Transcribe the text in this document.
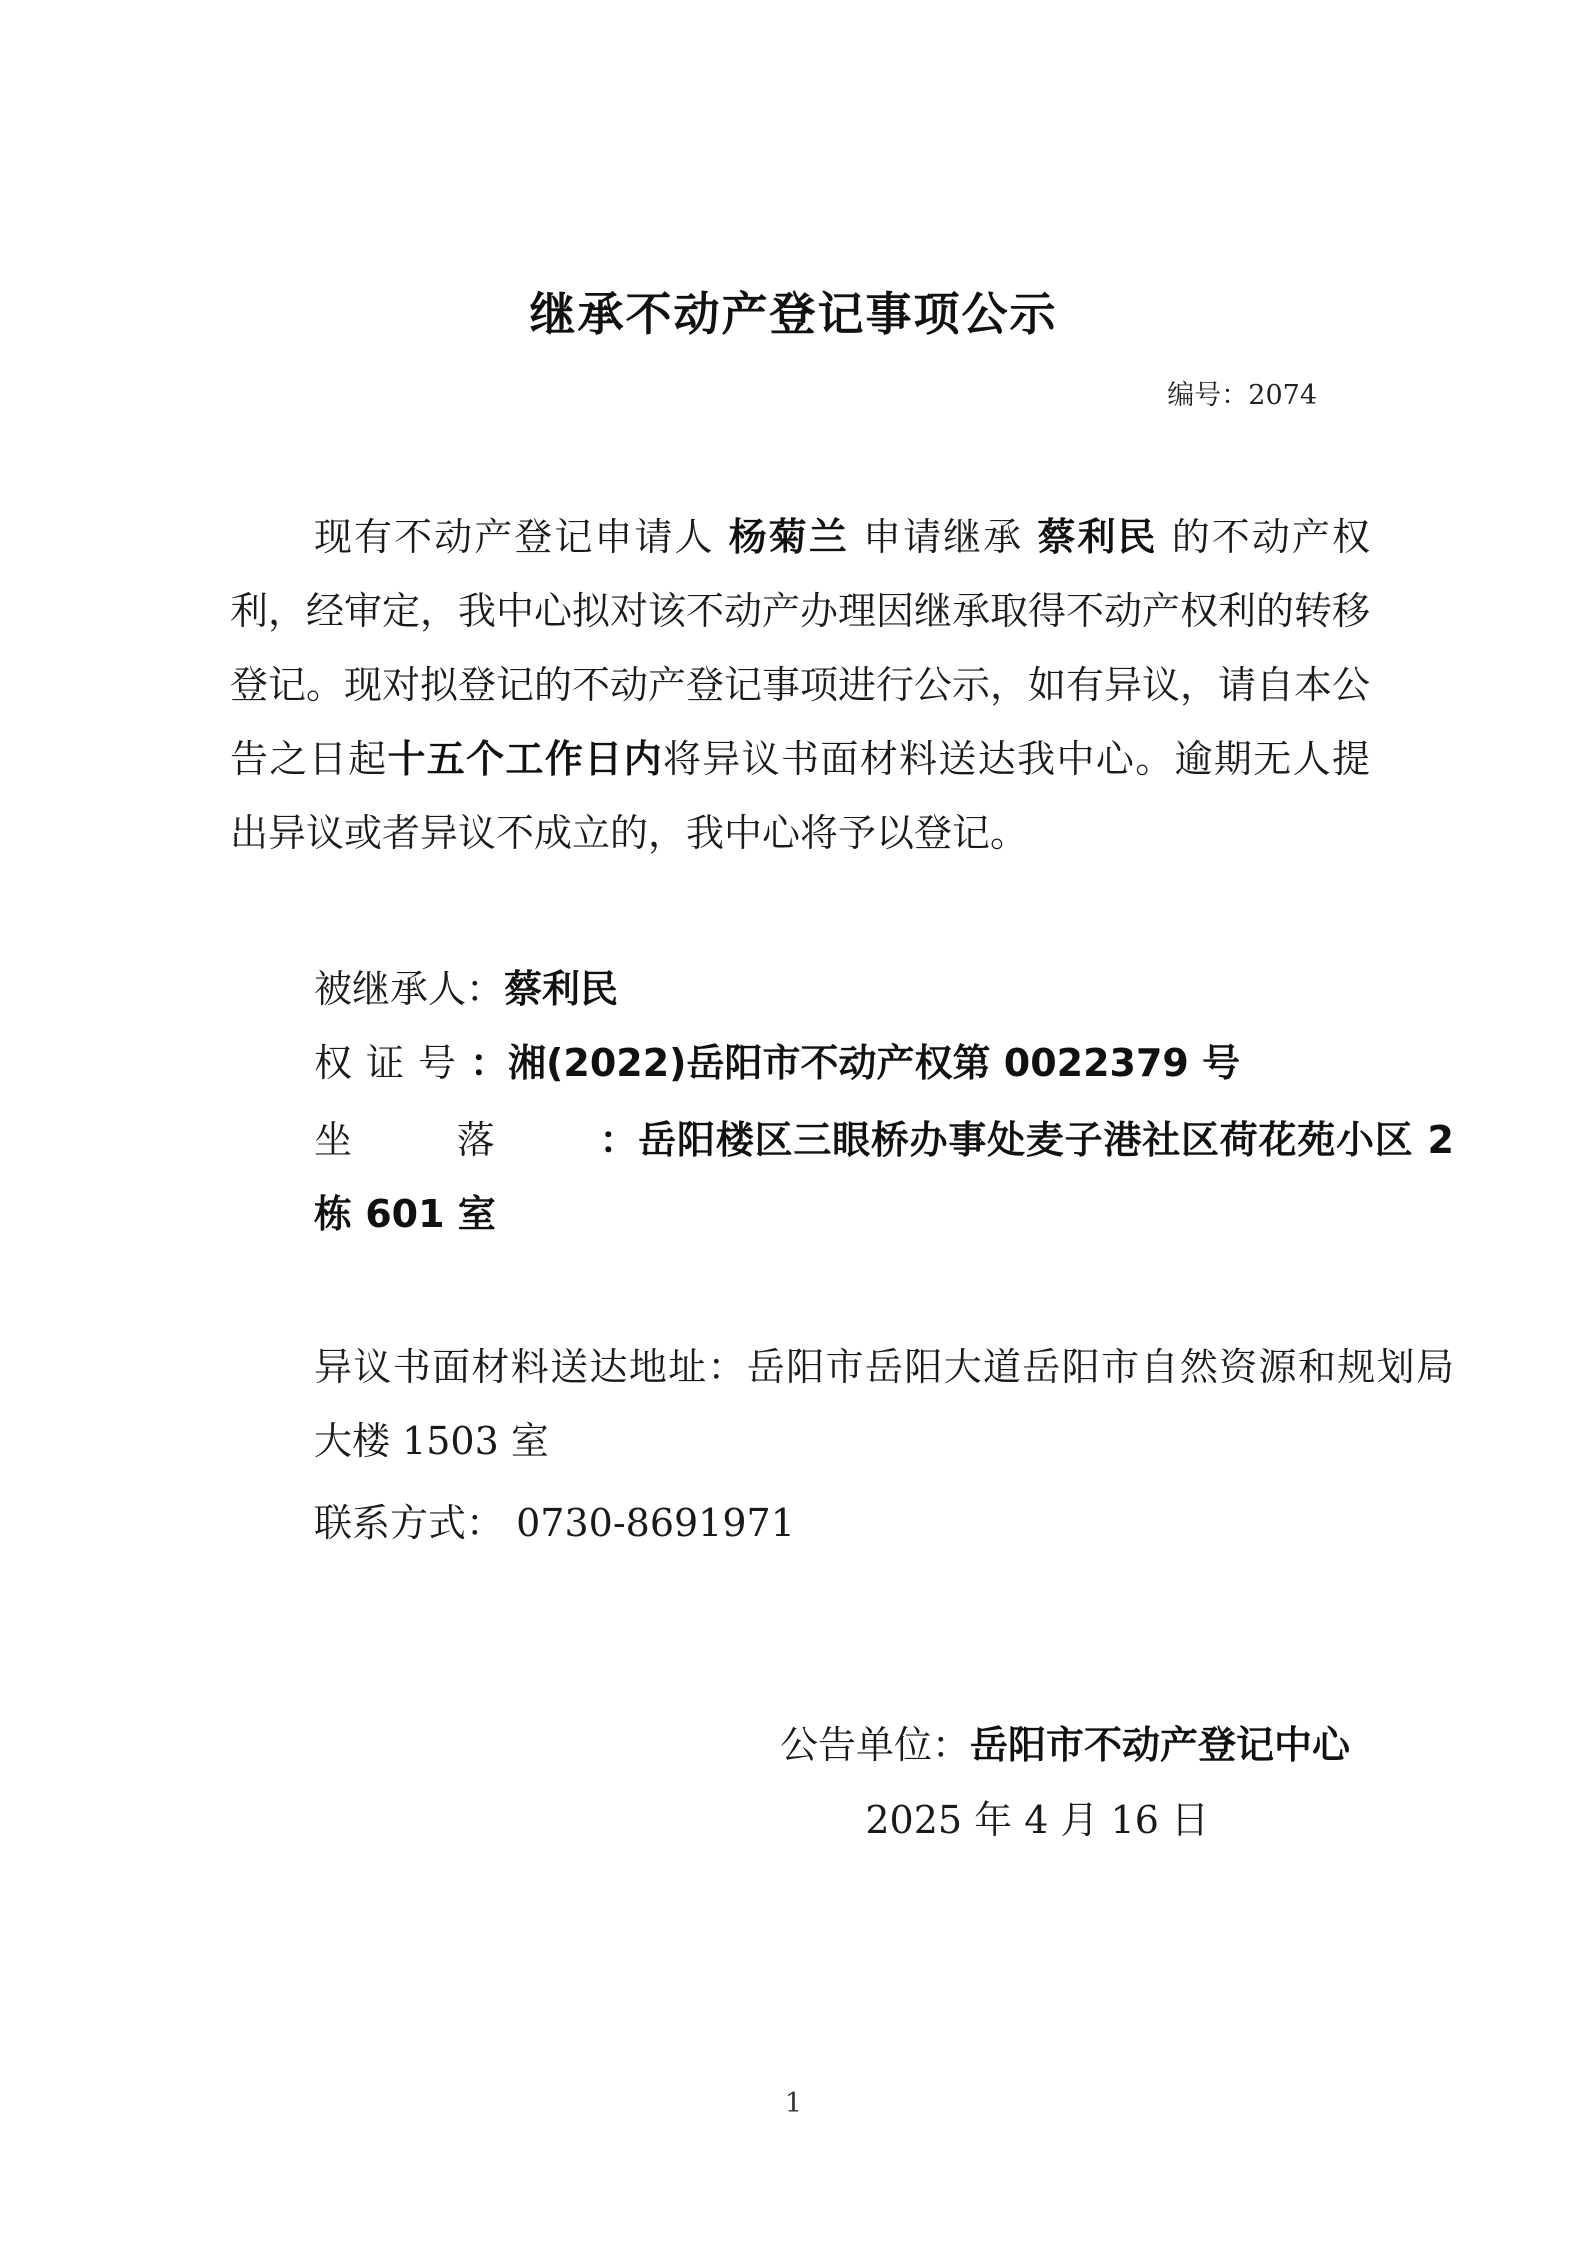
继承不动产登记事项公示
编号：2074
现有不动产登记申请人 杨菊兰 申请继承 蔡利民 的不动产权利，经审定，我中心拟对该不动产办理因继承取得不动产权利的转移登记。现对拟登记的不动产登记事项进行公示，如有异议，请自本公告之日起十五个工作日内将异议书面材料送达我中心。逾期无人提出异议或者异议不成立的，我中心将予以登记。
被继承人：蔡利民
权证号：湘(2022)岳阳市不动产权第 0022379 号
坐落：岳阳楼区三眼桥办事处麦子港社区荷花苑小区 2 栋 601 室
异议书面材料送达地址：岳阳市岳阳大道岳阳市自然资源和规划局大楼 1503 室
联系方式： 0730-8691971
公告单位：岳阳市不动产登记中心
2025 年 4 月 16 日
1
